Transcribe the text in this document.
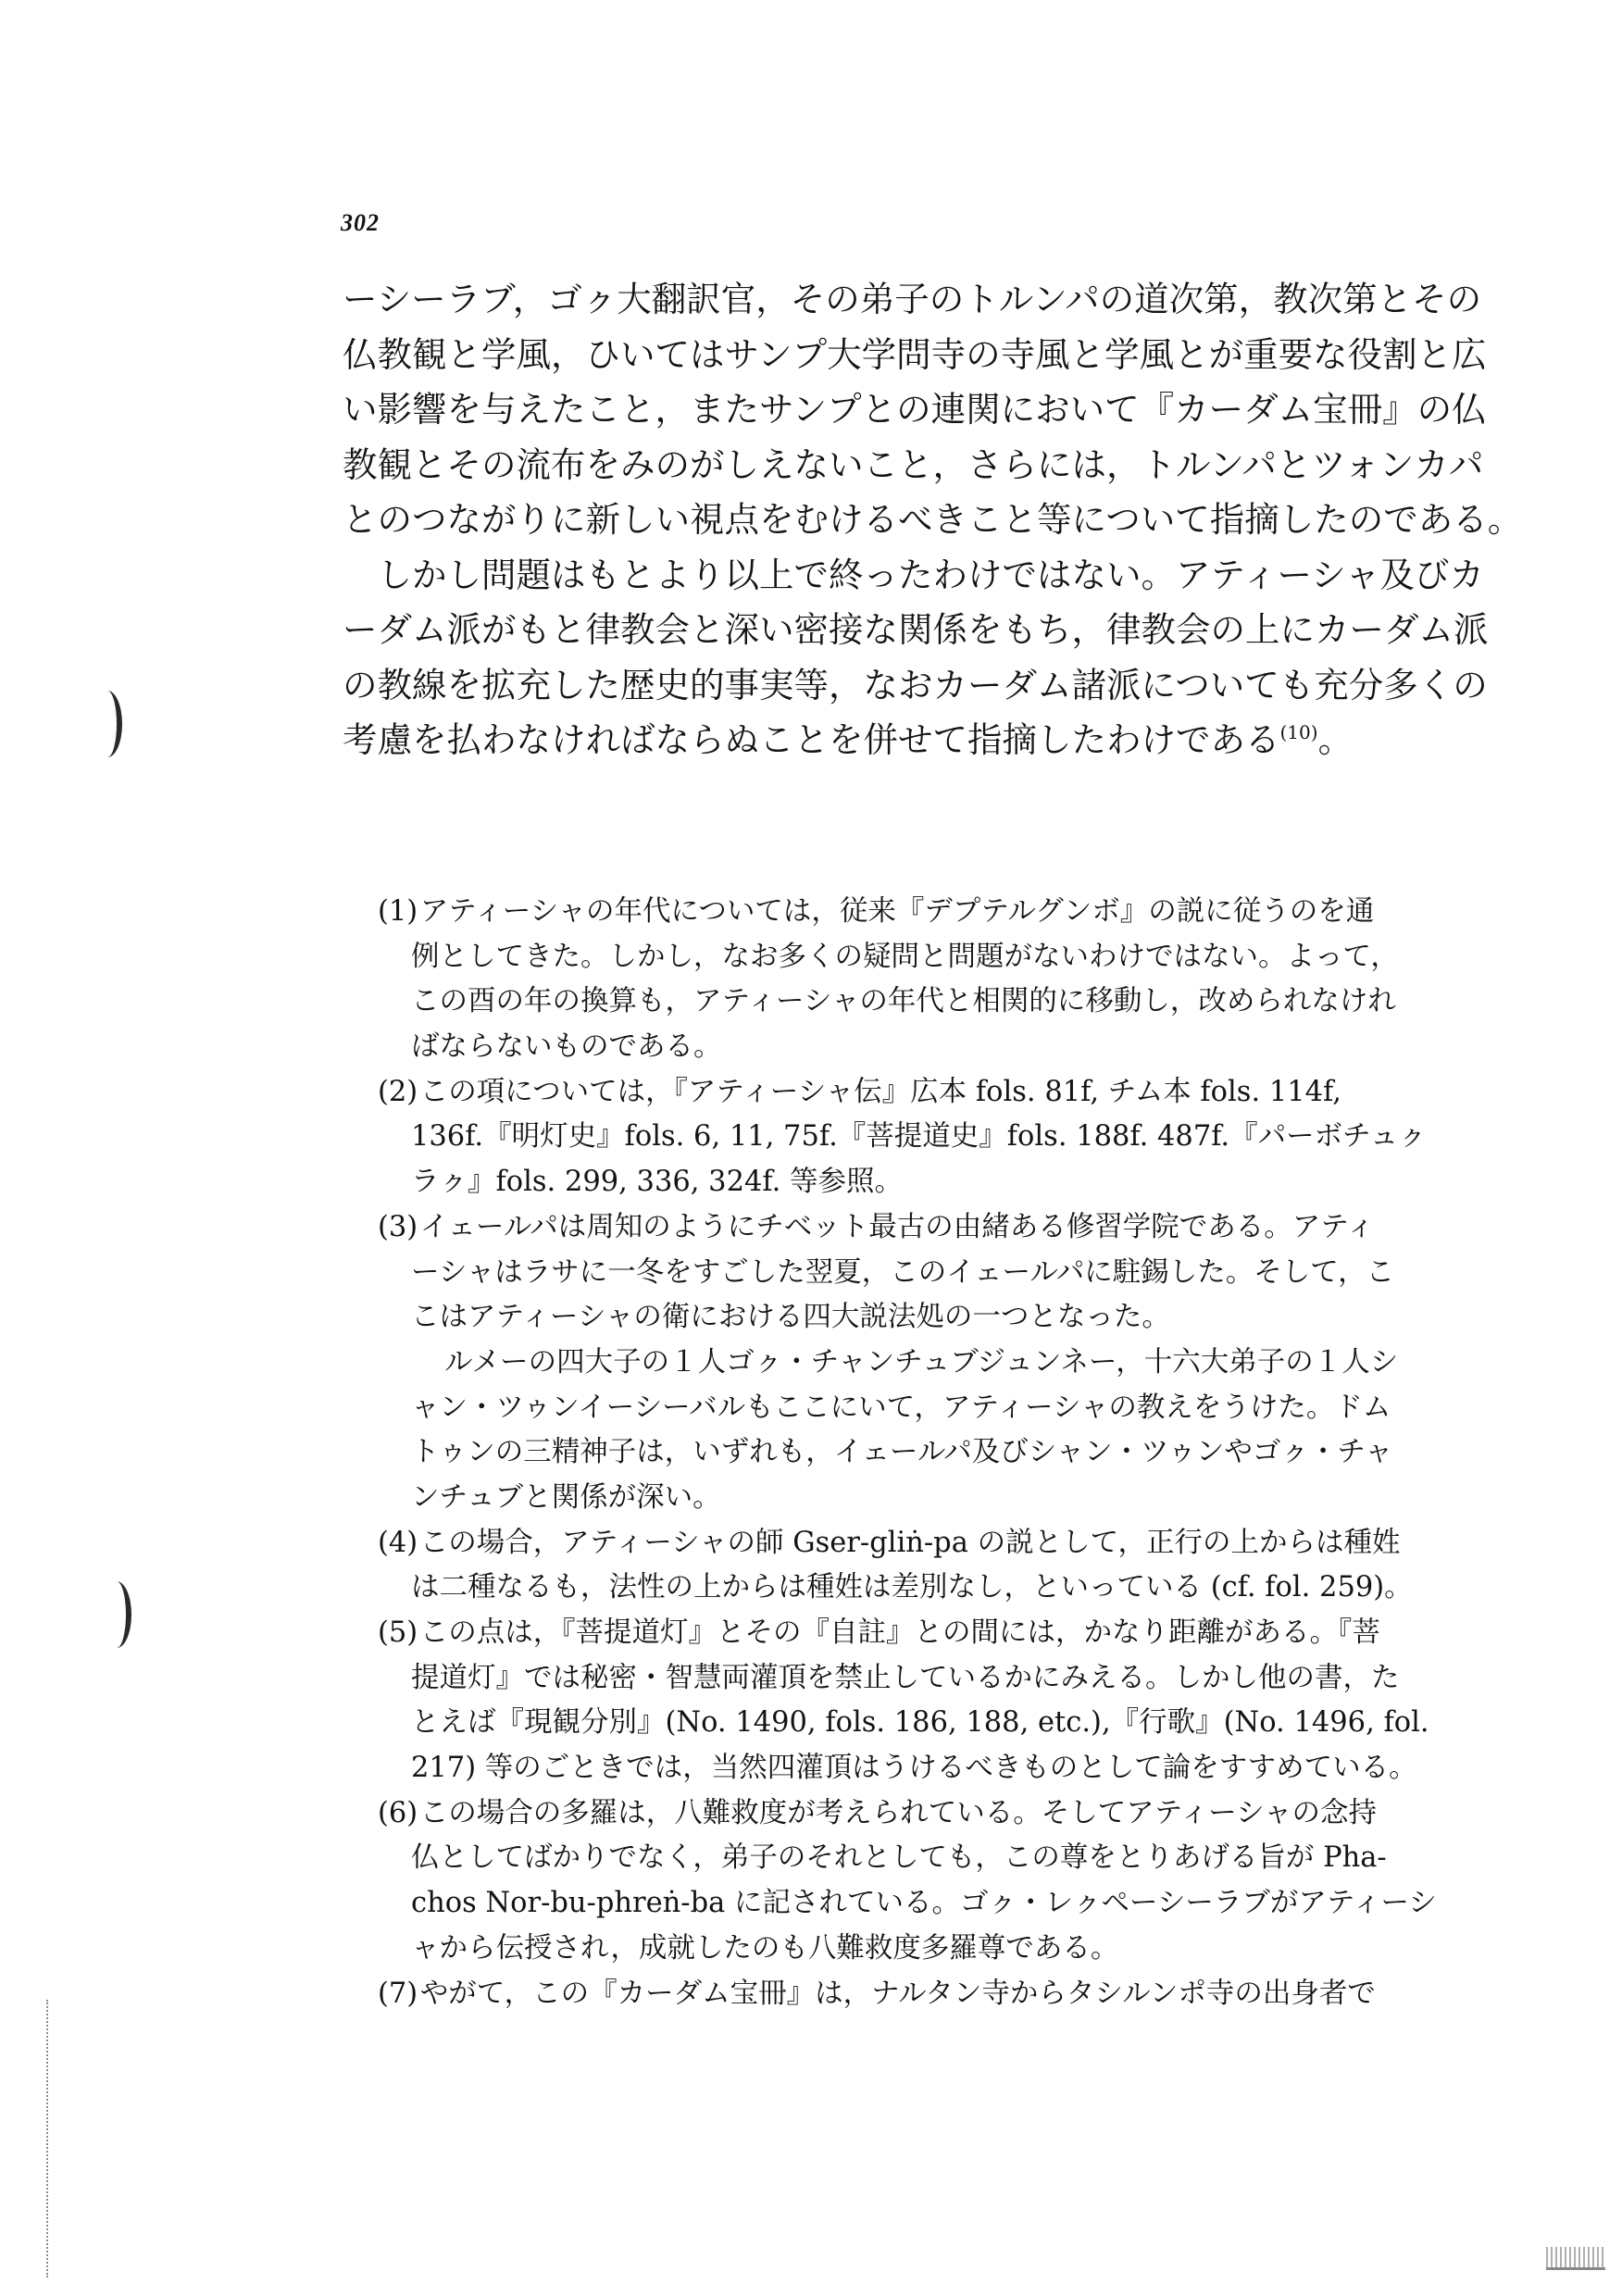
302
ーシーラブ，ゴㇰ大翻訳官，その弟子のトルンパの道次第，教次第とその
仏教観と学風，ひいてはサンプ大学問寺の寺風と学風とが重要な役割と広
い影響を与えたこと，またサンプとの連関において『カーダム宝冊』の仏
教観とその流布をみのがしえないこと，さらには，トルンパとツォンカパ
とのつながりに新しい視点をむけるべきこと等について指摘したのである。
　しかし問題はもとより以上で終ったわけではない。アティーシャ及びカ
ーダム派がもと律教会と深い密接な関係をもち，律教会の上にカーダム派
の教線を拡充した歴史的事実等，なおカーダム諸派についても充分多くの
考慮を払わなければならぬことを併せて指摘したわけである$^{(10)}$。
(1) アティーシャの年代については，従来『デプテルグンボ』の説に従うのを通
例としてきた。しかし，なお多くの疑問と問題がないわけではない。よって，
この酉の年の換算も，アティーシャの年代と相関的に移動し，改められなけれ
ばならないものである。
(2) この項については，『アティーシャ伝』広本 fols. 81f, チム本 fols. 114f,
136f.『明灯史』fols. 6, 11, 75f.『菩提道史』fols. 188f. 487f.『パーボチュㇰ
ラㇰ』fols. 299, 336, 324f. 等参照。
(3) イェールパは周知のようにチベット最古の由緒ある修習学院である。アティ
ーシャはラサに一冬をすごした翌夏，このイェールパに駐錫した。そして，こ
こはアティーシャの衛における四大説法処の一つとなった。
ルメーの四大子の１人ゴㇰ・チャンチュブジュンネー，十六大弟子の１人シ
ャン・ツゥンイーシーバルもここにいて，アティーシャの教えをうけた。ドム
トゥンの三精神子は，いずれも，イェールパ及びシャン・ツゥンやゴㇰ・チャ
ンチュブと関係が深い。
(4) この場合，アティーシャの師 Gser-gliṅ-pa の説として，正行の上からは種姓
は二種なるも，法性の上からは種姓は差別なし，といっている (cf. fol. 259)。
(5) この点は，『菩提道灯』とその『自註』との間には，かなり距離がある。『菩
提道灯』では秘密・智慧両灌頂を禁止しているかにみえる。しかし他の書，た
とえば『現観分別』(No. 1490, fols. 186, 188, etc.),『行歌』(No. 1496, fol.
217) 等のごときでは，当然四灌頂はうけるべきものとして論をすすめている。
(6) この場合の多羅は，八難救度が考えられている。そしてアティーシャの念持
仏としてばかりでなく，弟子のそれとしても，この尊をとりあげる旨が Pha-
chos Nor-bu-phreṅ-ba に記されている。ゴㇰ・レㇰペーシーラブがアティーシ
ャから伝授され，成就したのも八難救度多羅尊である。
(7) やがて，この『カーダム宝冊』は，ナルタン寺からタシルンポ寺の出身者で
